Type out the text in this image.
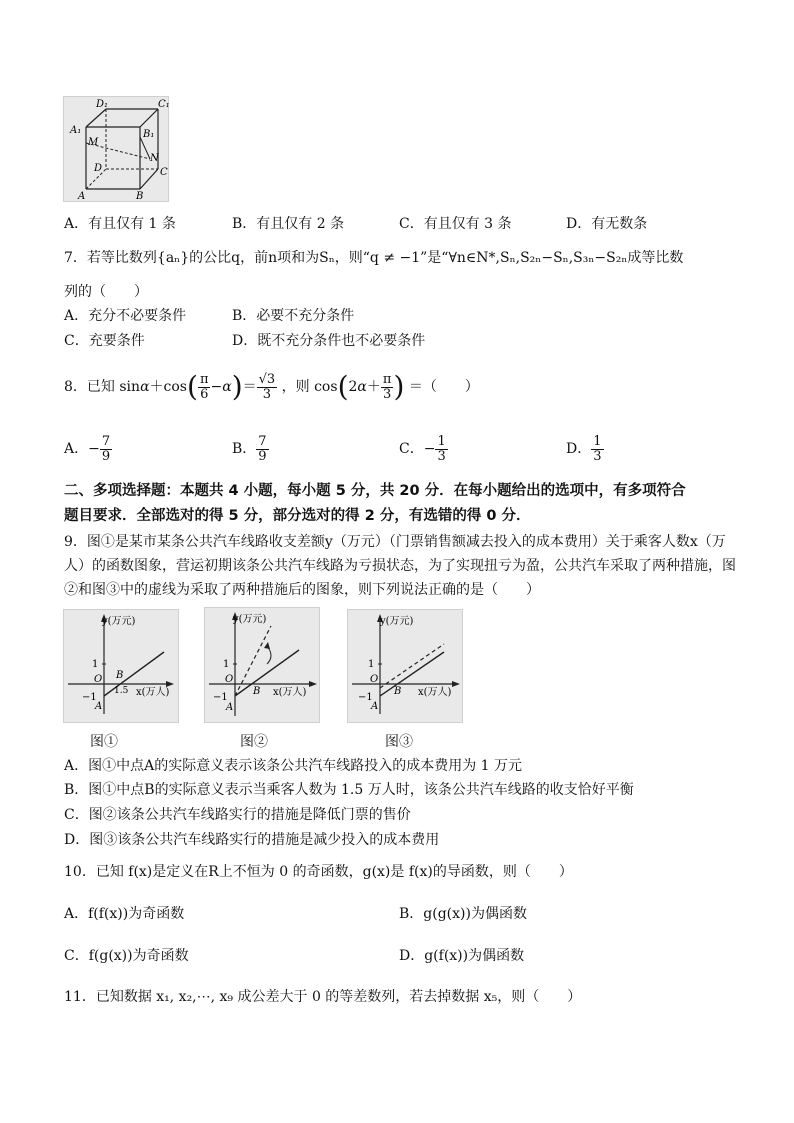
D₁	C₁
A₁	B₁
M
N
D	C
A	B
A．有且仅有 1 条	B．有且仅有 2 条	C．有且仅有 3 条	D．有无数条
7．若等比数列{aₙ}的公比q，前n项和为Sₙ，则“q ≠ −1”是“∀n∈N*,Sₙ,S₂ₙ−Sₙ,S₃ₙ−S₂ₙ成等比数
列的（　　）
A．充分不必要条件	B．必要不充分条件
C．充要条件	D．既不充分条件也不必要条件
8．已知 $\sin\alpha+\cos( \frac{\pi}{6} -\alpha)= \frac{√3}{3}$ ，则 $\cos(2\alpha+ \frac{\pi}{3}$ ) ＝（　　）
A．− $\frac{7}{9}$	B． $\frac{7}{9}$	C．− $\frac{1}{3}$	D． $\frac{1}{3}$
二、多项选择题：本题共 4 小题，每小题 5 分，共 20 分．在每小题给出的选项中，有多项符合
题目要求．全部选对的得 5 分，部分选对的得 2 分，有选错的得 0 分．
9．图①是某市某条公共汽车线路收支差额y（万元）（门票销售额减去投入的成本费用）关于乘客人数x（万
人）的函数图象，营运初期该条公共汽车线路为亏损状态，为了实现扭亏为盈，公共汽车采取了两种措施，图
②和图③中的虚线为采取了两种措施后的图象，则下列说法正确的是（　　）
y(万元)
1
−1
O
A
B
1.5 x(万人)
图①
y(万元)
1
−1
O
A
B x(万人)
图②
y(万元)
1
−1
O
A
B x(万人)
图③
A．图①中点A的实际意义表示该条公共汽车线路投入的成本费用为 1 万元
B．图①中点B的实际意义表示当乘客人数为 1.5 万人时，该条公共汽车线路的收支恰好平衡
C．图②该条公共汽车线路实行的措施是降低门票的售价
D．图③该条公共汽车线路实行的措施是减少投入的成本费用
10．已知 f(x)是定义在R上不恒为 0 的奇函数，g(x)是 f(x)的导函数，则（　　）
A．f(f(x))为奇函数	B．g(g(x))为偶函数
C．f(g(x))为奇函数	D．g(f(x))为偶函数
11．已知数据 x₁, x₂,⋯, x₉ 成公差大于 0 的等差数列，若去掉数据 x₅，则（　　）
